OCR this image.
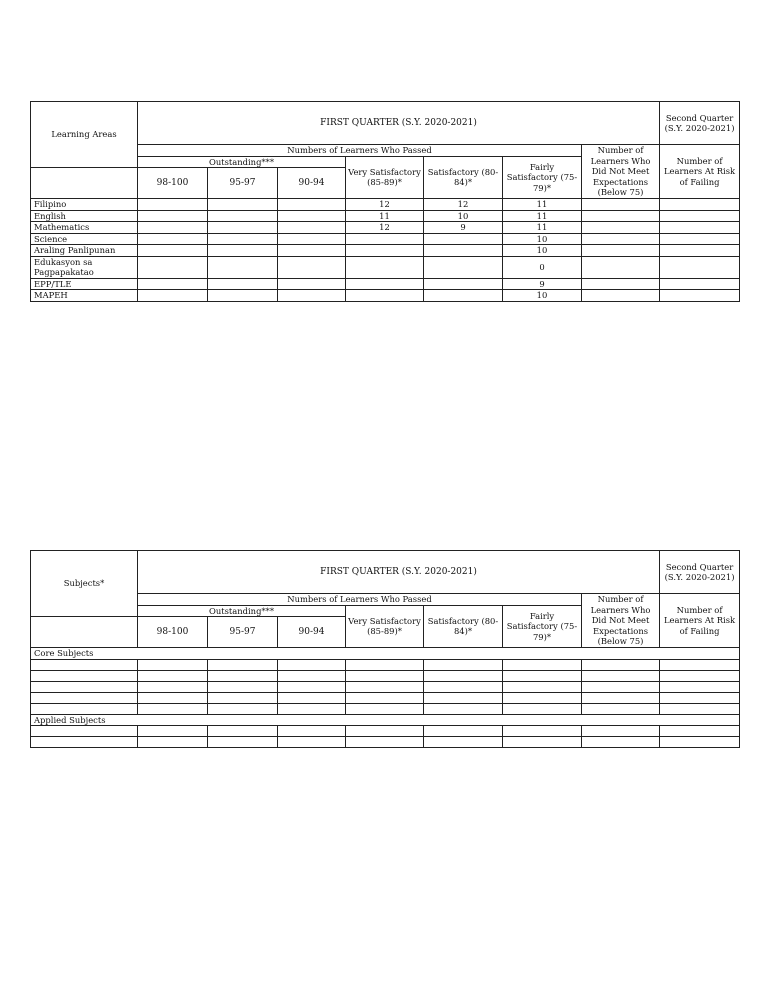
Learning Areas	FIRST QUARTER (S.Y. 2020-2021)							Second Quarter (S.Y. 2020-2021)
	Numbers of Learners Who Passed						Number of Learners Who Did Not Meet Expectations (Below 75)	Number of Learners At Risk of Failing
	Outstanding***			Very Satisfactory (85-89)*	Satisfactory (80-84)*	Fairly Satisfactory (75-79)*		
	98-100	95-97	90-94					
Filipino				12	12	11		
English				11	10	11		
Mathematics				12	9	11		
Science						10		
Araling Panlipunan						10		
Edukasyon sa Pagpapakatao						0		
EPP/TLE						9		
MAPEH						10		
Subjects*	FIRST QUARTER (S.Y. 2020-2021)							Second Quarter (S.Y. 2020-2021)
	Numbers of Learners Who Passed						Number of Learners Who Did Not Meet Expectations (Below 75)	Number of Learners At Risk of Failing
	Outstanding***			Very Satisfactory (85-89)*	Satisfactory (80-84)*	Fairly Satisfactory (75-79)*		
	98-100	95-97	90-94					
Core Subjects								

Applied Subjects								
